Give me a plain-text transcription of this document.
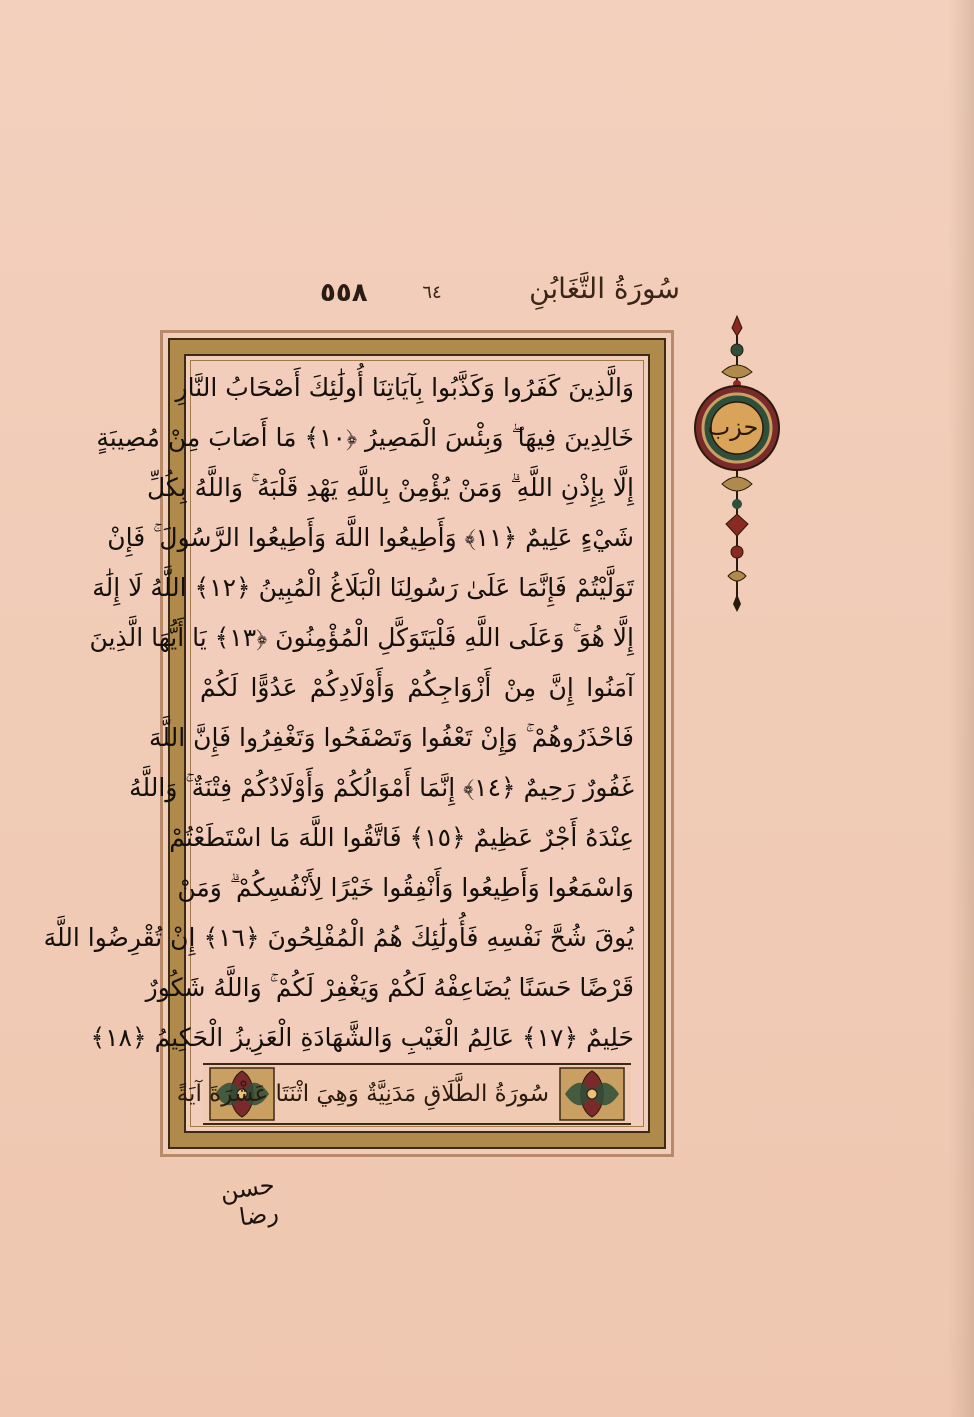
٥٥٨	٦٤	سُورَةُ التَّغَابُنِ
وَالَّذِينَ كَفَرُوا وَكَذَّبُوا بِآيَاتِنَا أُولَٰئِكَ أَصْحَابُ النَّارِ
خَالِدِينَ فِيهَا ۖ وَبِئْسَ الْمَصِيرُ ﴿١٠﴾ مَا أَصَابَ مِنْ مُصِيبَةٍ
إِلَّا بِإِذْنِ اللَّهِ ۗ وَمَنْ يُؤْمِنْ بِاللَّهِ يَهْدِ قَلْبَهُ ۚ وَاللَّهُ بِكُلِّ
شَيْءٍ عَلِيمٌ ﴿١١﴾ وَأَطِيعُوا اللَّهَ وَأَطِيعُوا الرَّسُولَ ۚ فَإِنْ
تَوَلَّيْتُمْ فَإِنَّمَا عَلَىٰ رَسُولِنَا الْبَلَاغُ الْمُبِينُ ﴿١٢﴾ اللَّهُ لَا إِلَٰهَ
إِلَّا هُوَ ۚ وَعَلَى اللَّهِ فَلْيَتَوَكَّلِ الْمُؤْمِنُونَ ﴿١٣﴾ يَا أَيُّهَا الَّذِينَ
آمَنُوا إِنَّ مِنْ أَزْوَاجِكُمْ وَأَوْلَادِكُمْ عَدُوًّا لَكُمْ
فَاحْذَرُوهُمْ ۚ وَإِنْ تَعْفُوا وَتَصْفَحُوا وَتَغْفِرُوا فَإِنَّ اللَّهَ
غَفُورٌ رَحِيمٌ ﴿١٤﴾ إِنَّمَا أَمْوَالُكُمْ وَأَوْلَادُكُمْ فِتْنَةٌ ۚ وَاللَّهُ
عِنْدَهُ أَجْرٌ عَظِيمٌ ﴿١٥﴾ فَاتَّقُوا اللَّهَ مَا اسْتَطَعْتُمْ
وَاسْمَعُوا وَأَطِيعُوا وَأَنْفِقُوا خَيْرًا لِأَنْفُسِكُمْ ۗ وَمَنْ
يُوقَ شُحَّ نَفْسِهِ فَأُولَٰئِكَ هُمُ الْمُفْلِحُونَ ﴿١٦﴾ إِنْ تُقْرِضُوا اللَّهَ
قَرْضًا حَسَنًا يُضَاعِفْهُ لَكُمْ وَيَغْفِرْ لَكُمْ ۚ وَاللَّهُ شَكُورٌ
حَلِيمٌ ﴿١٧﴾ عَالِمُ الْغَيْبِ وَالشَّهَادَةِ الْعَزِيزُ الْحَكِيمُ ﴿١٨﴾
سُورَةُ الطَّلَاقِ مَدَنِيَّةٌ وَهِيَ اثْنَتَا عَشْرَةَ آيَةً
حزب
حسن رضا
